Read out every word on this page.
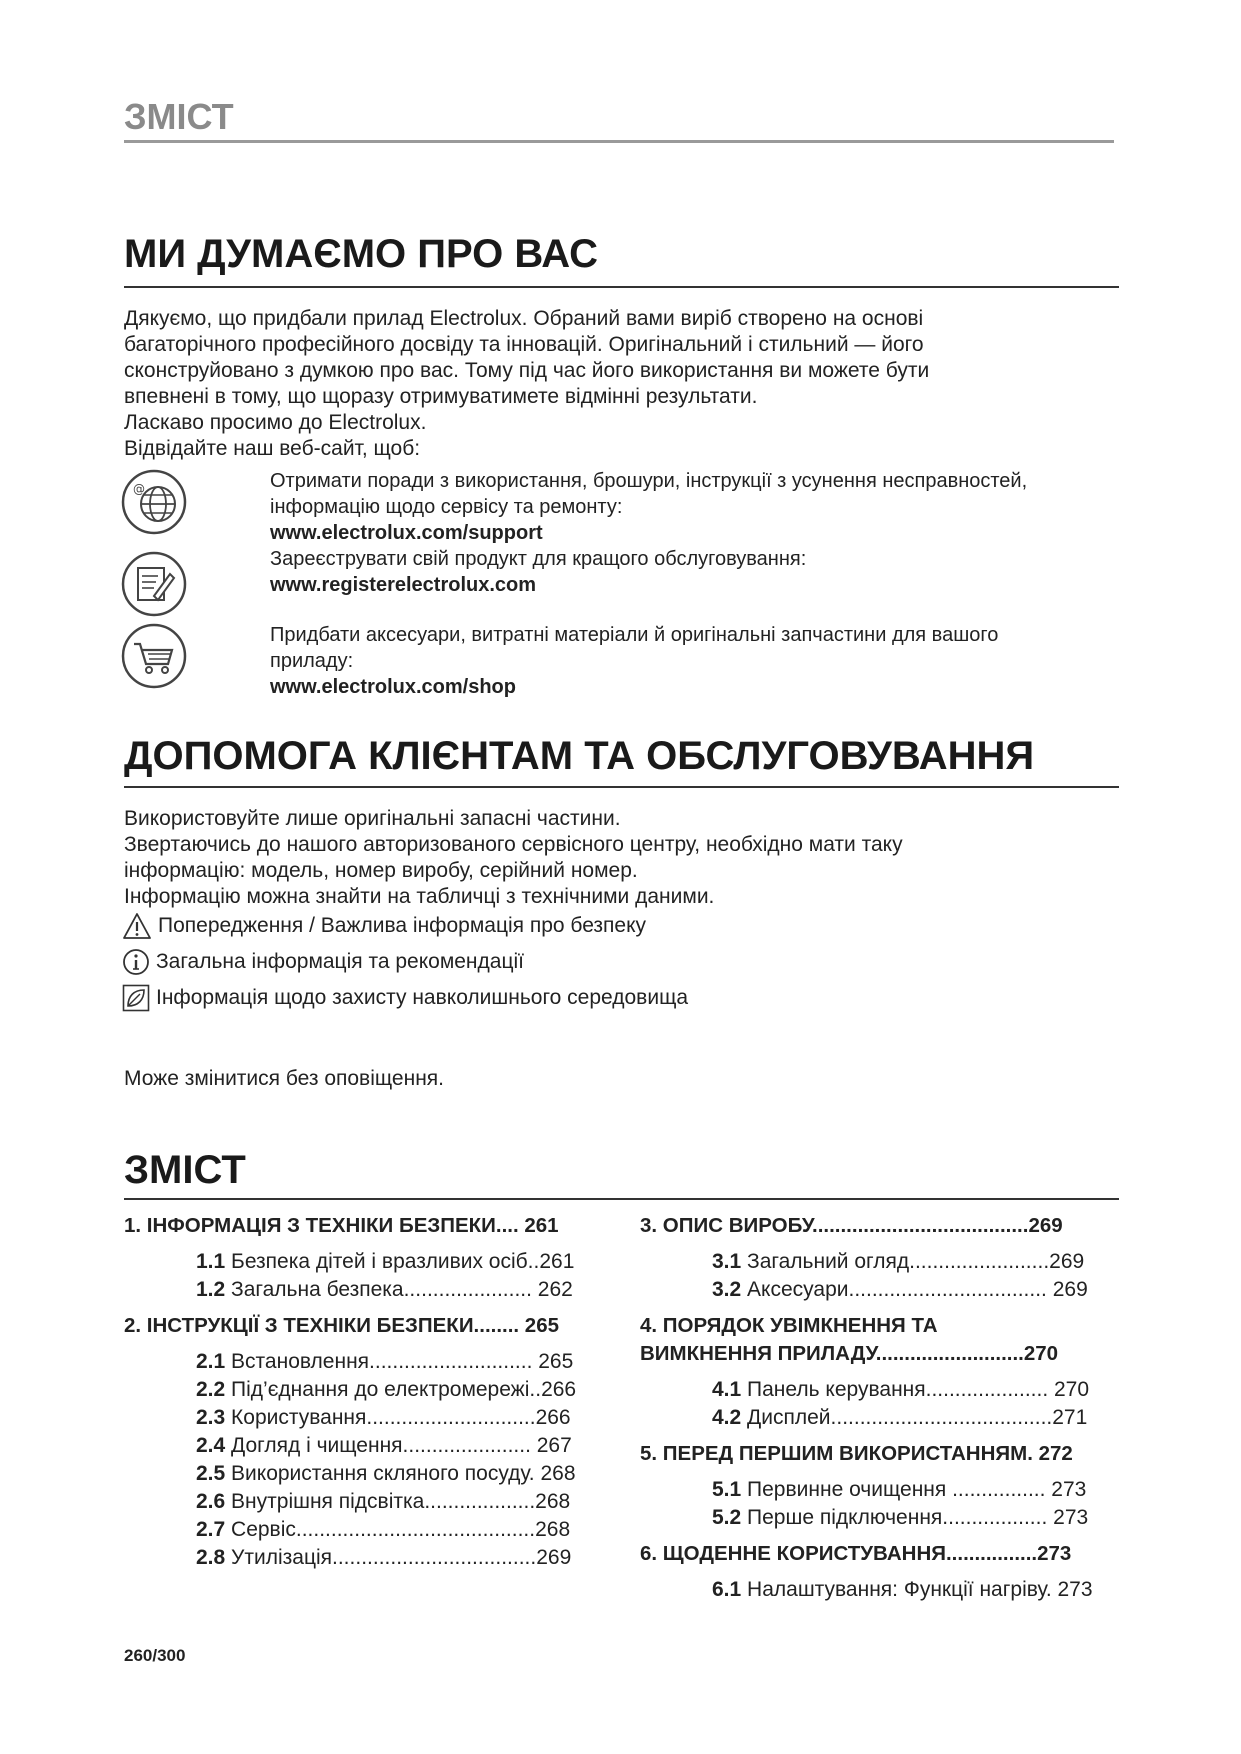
ЗМІСТ
МИ ДУМАЄМО ПРО ВАС

Дякуємо, що придбали прилад Electrolux. Обраний вами виріб створено на основі

багаторічного професійного досвіду та інновацій. Оригінальний і стильний — його

сконструйовано з думкою про вас. Тому під час його використання ви можете бути

впевнені в тому, що щоразу отримуватимете відмінні результати.

Ласкаво просимо до Electrolux.

Відвідайте наш веб-сайт, щоб:

@	Отримати поради з використання, брошури, інструкції з усунення несправностей,
інформацію щодо сервісу та ремонту:
www.electrolux.com/support
Зареєструвати свій продукт для кращого обслуговування:
www.registerelectrolux.com
Придбати аксесуари, витратні матеріали й оригінальні запчастини для вашого
приладу:
www.electrolux.com/shop
ДОПОМОГА КЛІЄНТАМ ТА ОБСЛУГОВУВАННЯ

Використовуйте лише оригінальні запасні частини.

Звертаючись до нашого авторизованого сервісного центру, необхідно мати таку

інформацію: модель, номер виробу, серійний номер.

Інформацію можна знайти на табличці з технічними даними.

Попередження / Важлива інформація про безпеку
Загальна інформація та рекомендації
Інформація щодо захисту навколишнього середовища
Може змінитися без оповіщення.
ЗМІСТ
1. ІНФОРМАЦІЯ З ТЕХНІКИ БЕЗПЕКИ.... 261
1.1 Безпека дітей і вразливих осіб..261
1.2 Загальна безпека...................... 262
2. ІНСТРУКЦІЇ З ТЕХНІКИ БЕЗПЕКИ........ 265
2.1 Встановлення............................ 265
2.2 Під’єднання до електромережі..266
2.3 Користування.............................266
2.4 Догляд і чищення...................... 267
2.5 Використання скляного посуду. 268
2.6 Внутрішня підсвітка...................268
2.7 Сервіс.........................................268
2.8 Утилізація...................................269
3. ОПИС ВИРОБУ......................................269
3.1 Загальний огляд........................269
3.2 Аксесуари.................................. 269
4. ПОРЯДОК УВІМКНЕННЯ ТА
ВИМКНЕННЯ ПРИЛАДУ..........................270
4.1 Панель керування..................... 270
4.2 Дисплей......................................271
5. ПЕРЕД ПЕРШИМ ВИКОРИСТАННЯМ. 272
5.1 Первинне очищення ................ 273
5.2 Перше підключення.................. 273
6. ЩОДЕННЕ КОРИСТУВАННЯ................273
6.1 Налаштування: Функції нагріву. 273
260/300
